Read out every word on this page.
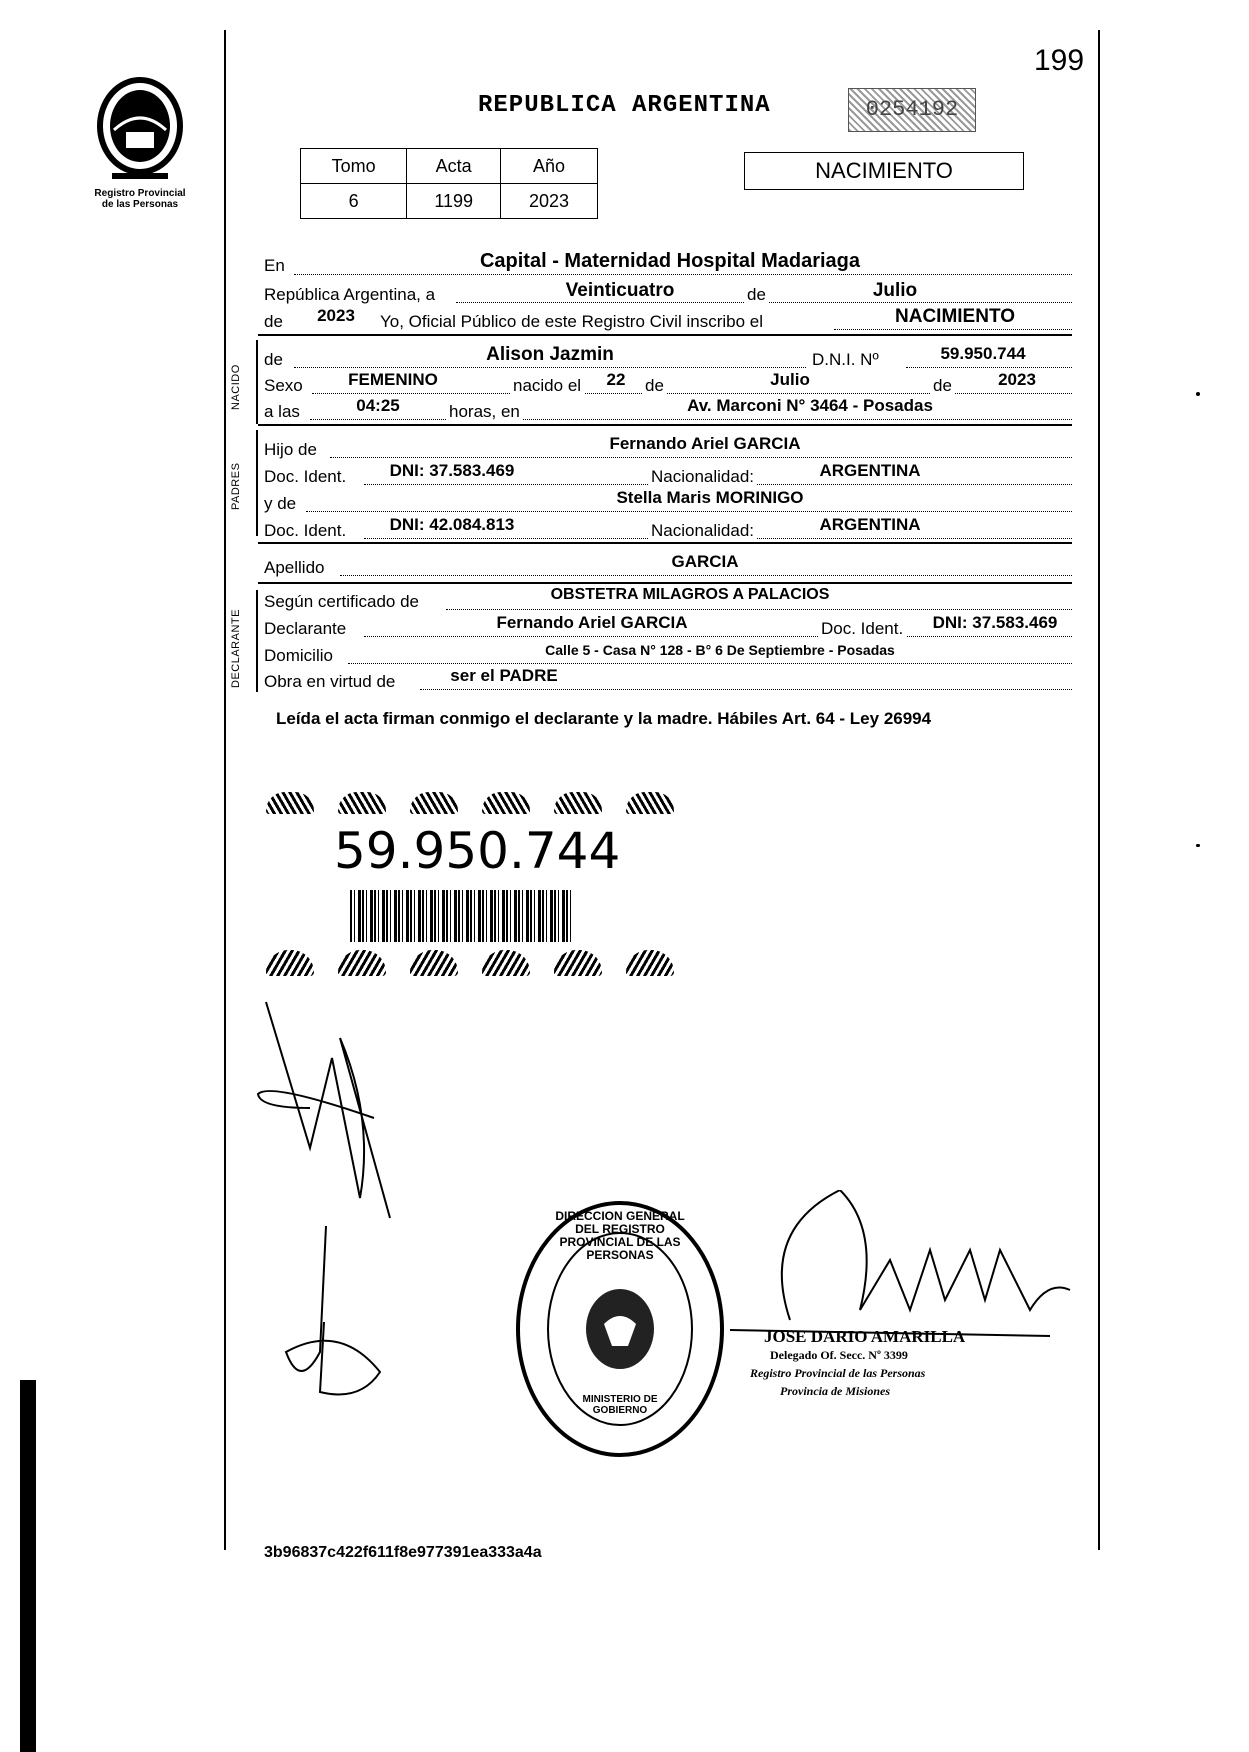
199
Registro Provincial
de las Personas
REPUBLICA ARGENTINA	0254192
Tomo	Acta	Año
6	1199	2023
NACIMIENTO
En	Capital - Maternidad Hospital Madariaga
República Argentina, a	Veinticuatro	de	Julio
de	2023	Yo, Oficial Público de este Registro Civil inscribo el	NACIMIENTO
NACIDO
de	Alison Jazmin	D.N.I. Nº	59.950.744
Sexo	FEMENINO	nacido el	22	de	Julio	de	2023
a las	04:25	horas, en	Av. Marconi N° 3464 - Posadas
PADRES
Hijo de	Fernando Ariel GARCIA
Doc. Ident.	DNI: 37.583.469	Nacionalidad:	ARGENTINA
y de	Stella Maris MORINIGO
Doc. Ident.	DNI: 42.084.813	Nacionalidad:	ARGENTINA
Apellido	GARCIA
DECLARANTE
Según certificado de	OBSTETRA MILAGROS A PALACIOS
Declarante	Fernando Ariel GARCIA	Doc. Ident.	DNI: 37.583.469
Domicilio	Calle 5 - Casa N° 128 - B° 6 De Septiembre - Posadas
Obra en virtud de	ser el PADRE
Leída el acta firman conmigo el declarante y la madre. Hábiles Art. 64 - Ley 26994
59.950.744
DIRECCION GENERAL DEL REGISTRO PROVINCIAL DE LAS PERSONAS
MINISTERIO DE GOBIERNO
JOSE DARIO AMARILLA
Delegado Of. Secc. Nº 3399
Registro Provincial de las Personas
Provincia de Misiones
3b96837c422f611f8e977391ea333a4a
